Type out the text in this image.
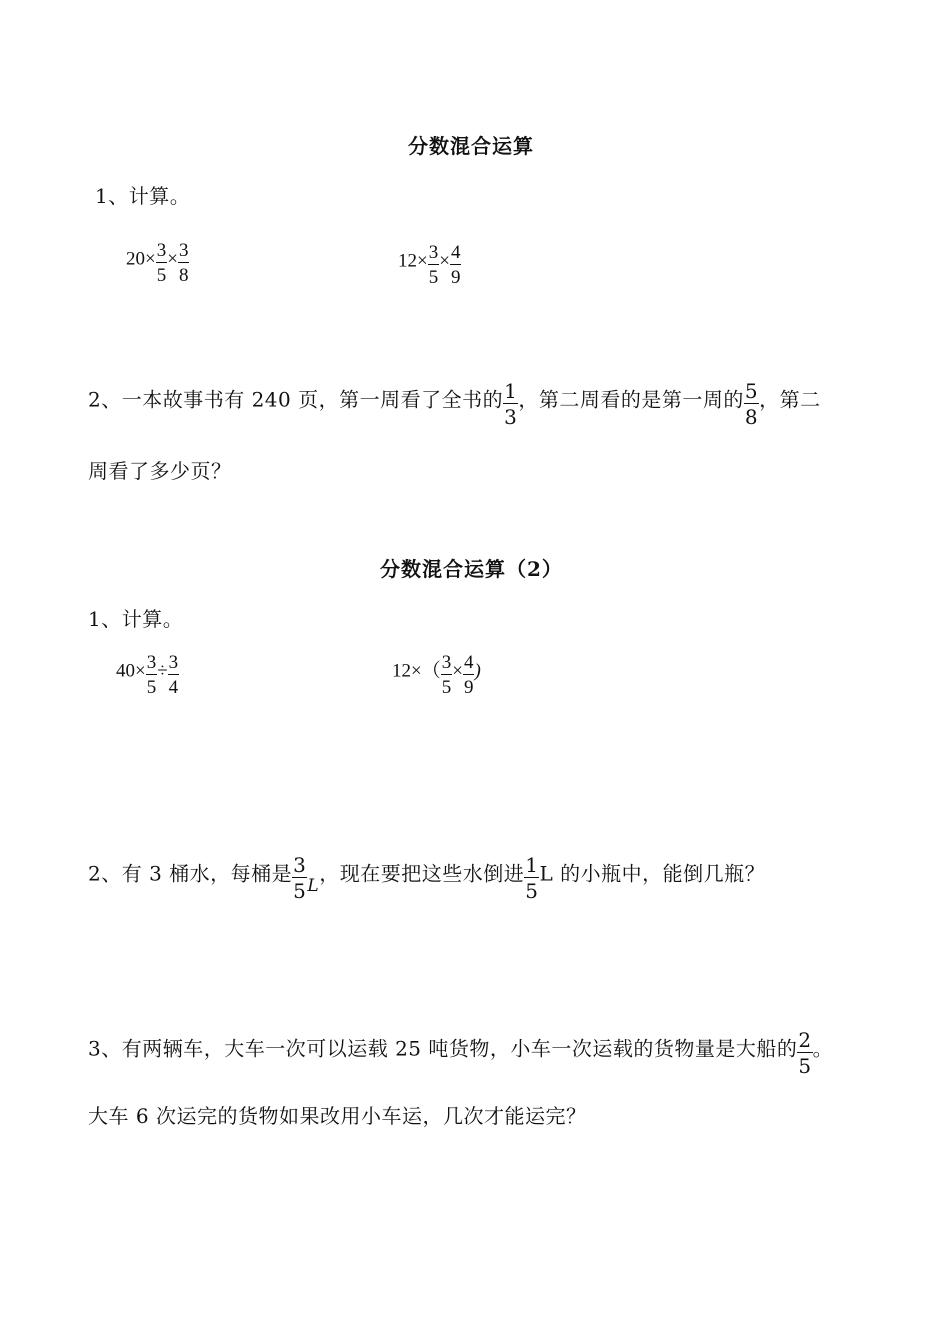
分数混合运算
1、计算。
$20\times \frac{3}{5} \times \frac{3}{8}$	$12\times \frac{3}{5} \times \frac{4}{9}$
2、一本故事书有 240 页，第一周看了全书的 $\frac{1}{3}$ ，第二周看的是第一周的 $\frac{5}{8}$ ，第二
周看了多少页？
分数混合运算（2）
1、计算。
$40\times \frac{3}{5} \div \frac{3}{4}$	$12\times( \frac{3}{5} \times \frac{4}{9}$ )
2、有 3 桶水，每桶是 $\frac{3}{5} _L$，现在要把这些水倒进 $\frac{1}{5}$ L 的小瓶中，能倒几瓶？
3、有两辆车，大车一次可以运载 25 吨货物，小车一次运载的货物量是大船的 $\frac{2}{5}$ 。
大车 6 次运完的货物如果改用小车运，几次才能运完？
